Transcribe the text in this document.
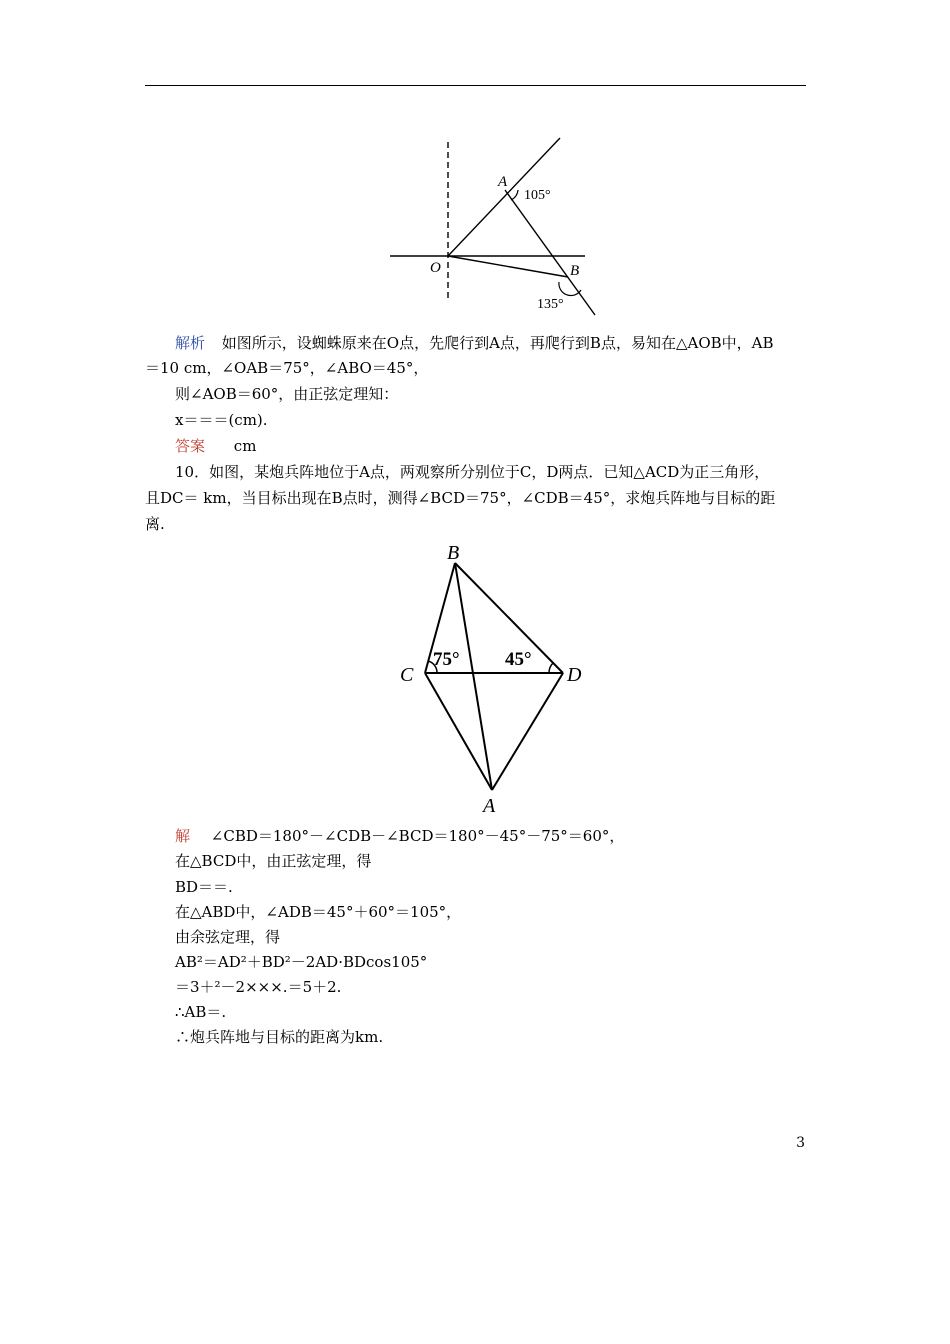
A
105°
O	B
135°
解析 如图所示，设蜘蛛原来在O点，先爬行到A点，再爬行到B点，易知在△AOB中，AB
＝10 cm，∠OAB＝75°，∠ABO＝45°，
则∠AOB＝60°，由正弦定理知：
x＝＝＝(cm).
答案 cm
10．如图，某炮兵阵地位于A点，两观察所分别位于C，D两点．已知△ACD为正三角形，
且DC＝ km，当目标出现在B点时，测得∠BCD＝75°，∠CDB＝45°，求炮兵阵地与目标的距
离.
B
C	D
A
75° 45°
解 ∠CBD＝180°－∠CDB－∠BCD＝180°－45°－75°＝60°，
在△BCD中，由正弦定理，得
BD＝＝.
在△ABD中，∠ADB＝45°＋60°＝105°，
由余弦定理，得
AB²＝AD²＋BD²－2AD·BDcos105°
＝3＋²－2×××.＝5＋2.
∴AB＝.
∴炮兵阵地与目标的距离为km.
3
